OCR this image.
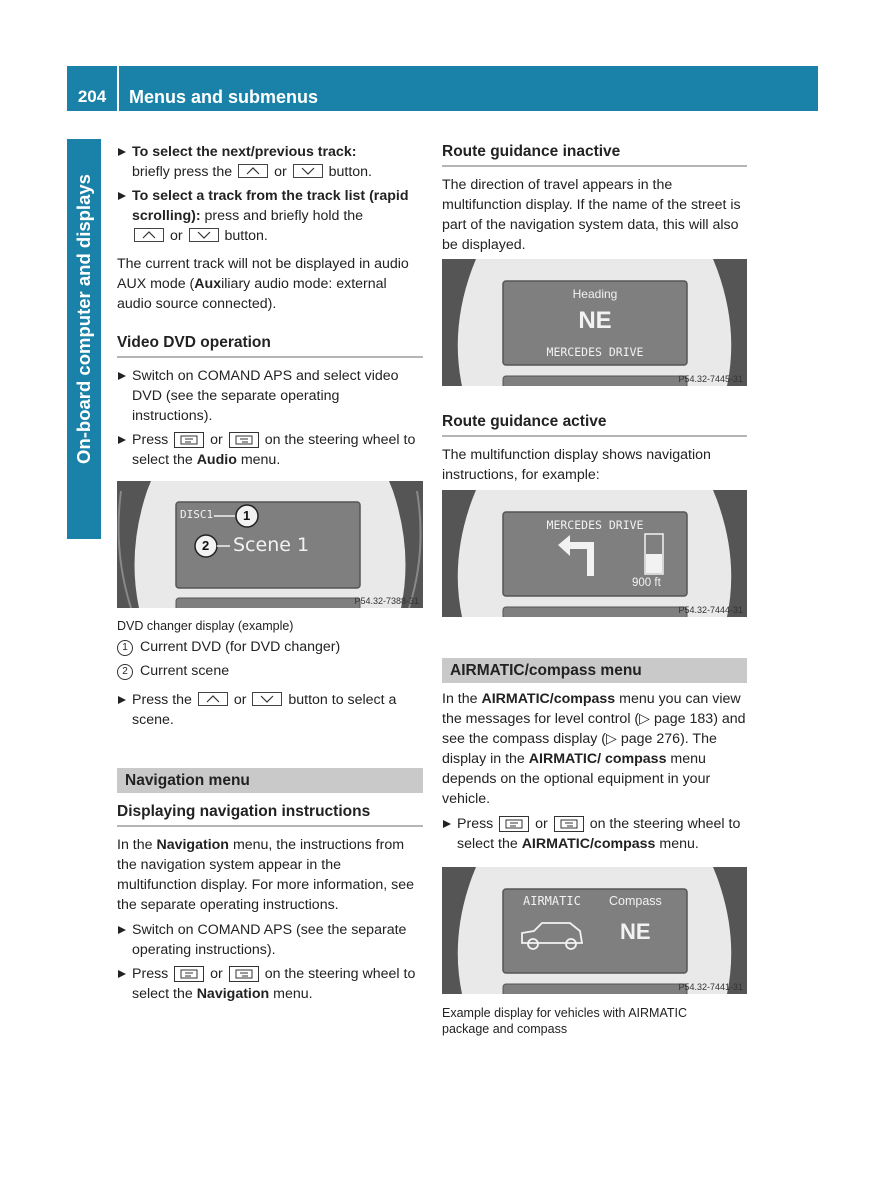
204	Menus and submenus
On-board computer and displays
To select the next/previous track:
briefly press the	or	button.
To select a track from the track list (rapid scrolling): press and briefly hold the

or	button.

The current track will not be displayed in audio AUX mode (Auxiliary audio mode: external audio source connected).

Video DVD operation
Switch on COMAND APS and select video DVD (see the separate operating instructions).
Press	or	on the steering wheel to select the Audio menu.
DISC1 1
2 Scene 1
P54.32-7388-31

DVD changer display (example)

1 Current DVD (for DVD changer)

2 Current scene

Press the	or	button to select a scene.
Navigation menu
Displaying navigation instructions

In the Navigation menu, the instructions from the navigation system appear in the multifunction display. For more information, see the separate operating instructions.

Switch on COMAND APS (see the separate operating instructions).
Press	or	on the steering wheel to select the Navigation menu.
Route guidance inactive

The direction of travel appears in the multifunction display. If the name of the street is part of the navigation system data, this will also be displayed.

Heading
NE
MERCEDES DRIVE
P54.32-7445-31
Route guidance active

The multifunction display shows navigation instructions, for example:

MERCEDES DRIVE
900 ft
P54.32-7444-31
AIRMATIC/compass menu

In the AIRMATIC/compass menu you can view the messages for level control (▷ page 183) and see the compass display (▷ page 276). The display in the AIRMATIC/ compass menu depends on the optional equipment in your vehicle.

Press	or	on the steering wheel to select the AIRMATIC/compass menu.
AIRMATIC Compass
NE
P54.32-7441-31

Example display for vehicles with AIRMATIC package and compass
